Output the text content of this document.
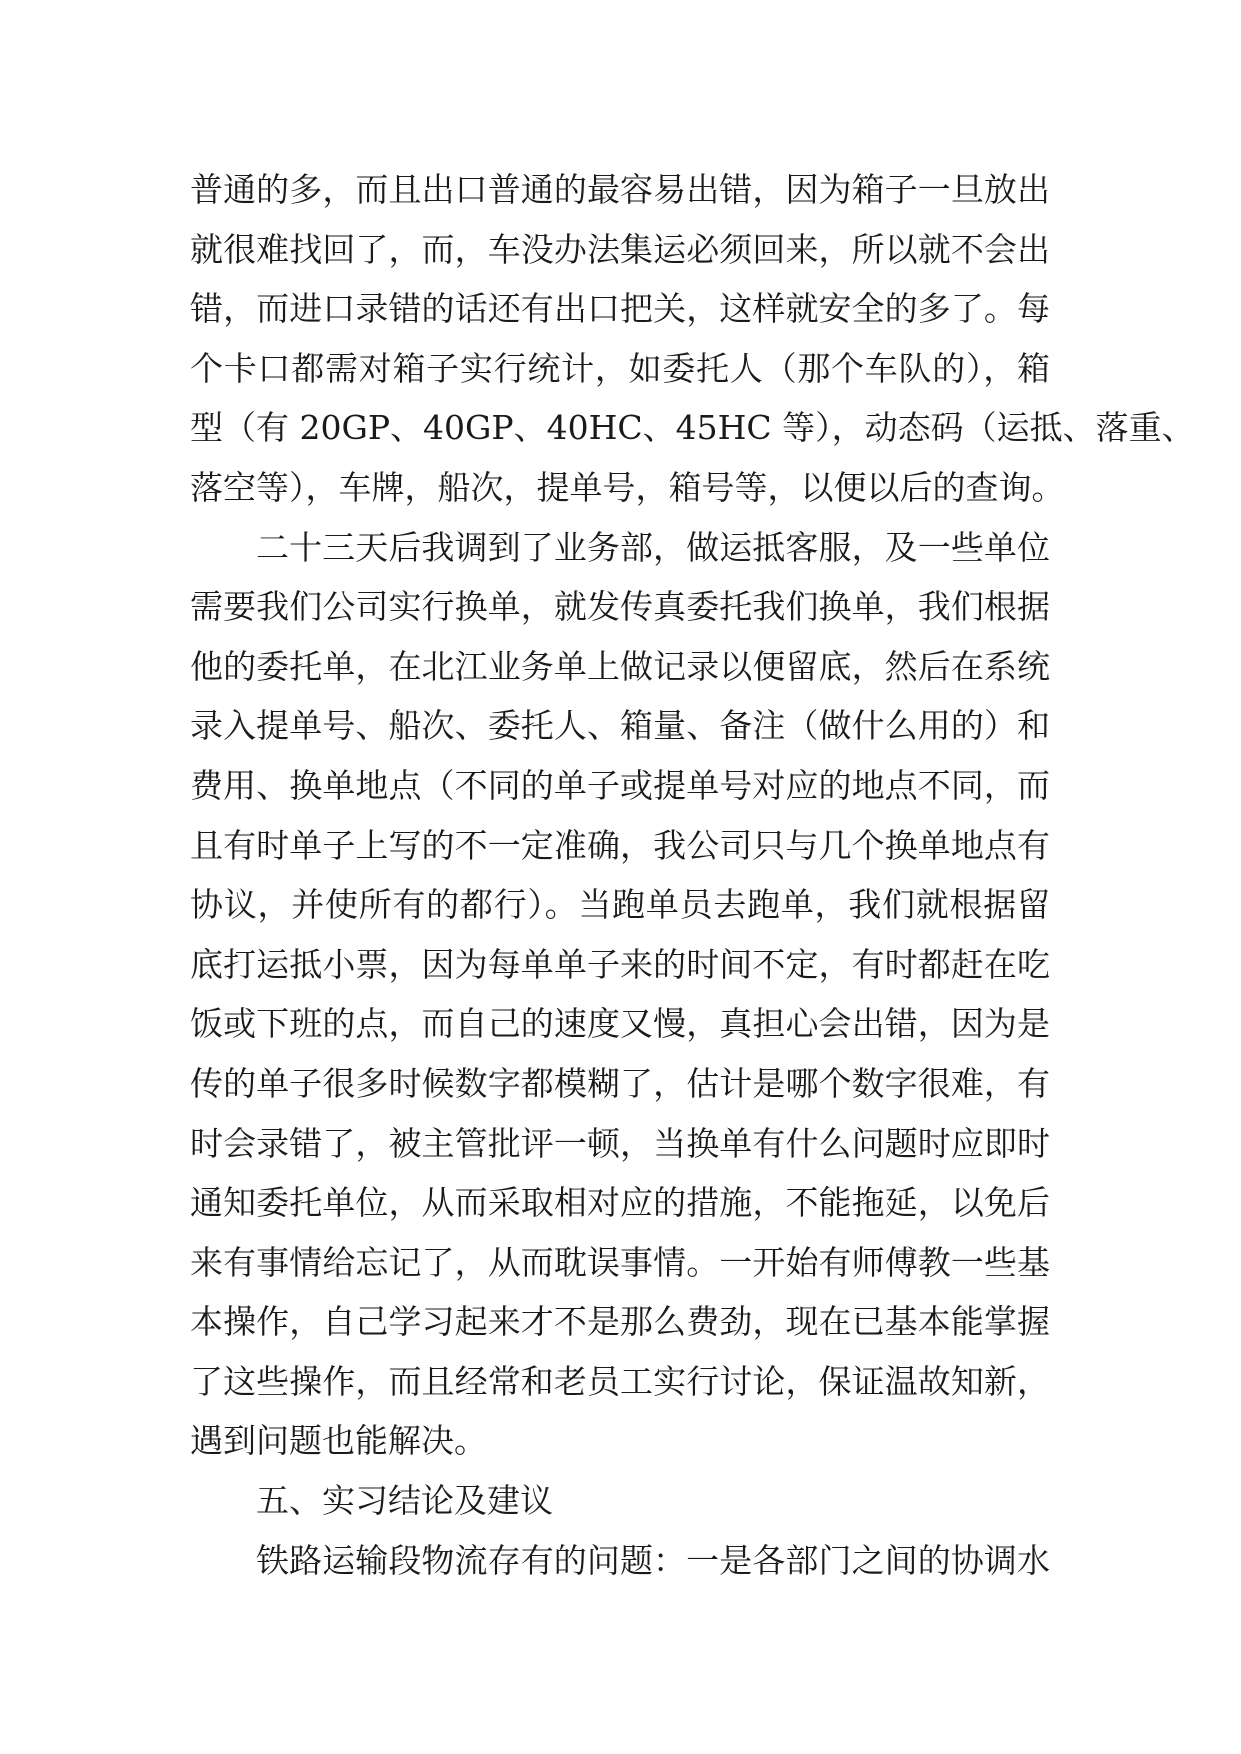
普通的多，而且出口普通的最容易出错，因为箱子一旦放出
就很难找回了，而，车没办法集运必须回来，所以就不会出
错，而进口录错的话还有出口把关，这样就安全的多了。每
个卡口都需对箱子实行统计，如委托人（那个车队的），箱
型（有 20GP、40GP、40HC、45HC 等），动态码（运抵、落重、
落空等），车牌，船次，提单号，箱号等，以便以后的查询。
二十三天后我调到了业务部，做运抵客服，及一些单位
需要我们公司实行换单，就发传真委托我们换单，我们根据
他的委托单，在北江业务单上做记录以便留底，然后在系统
录入提单号、船次、委托人、箱量、备注（做什么用的）和
费用、换单地点（不同的单子或提单号对应的地点不同，而
且有时单子上写的不一定准确，我公司只与几个换单地点有
协议，并使所有的都行）。当跑单员去跑单，我们就根据留
底打运抵小票，因为每单单子来的时间不定，有时都赶在吃
饭或下班的点，而自己的速度又慢，真担心会出错，因为是
传的单子很多时候数字都模糊了，估计是哪个数字很难，有
时会录错了，被主管批评一顿，当换单有什么问题时应即时
通知委托单位，从而采取相对应的措施，不能拖延，以免后
来有事情给忘记了，从而耽误事情。一开始有师傅教一些基
本操作，自己学习起来才不是那么费劲，现在已基本能掌握
了这些操作，而且经常和老员工实行讨论，保证温故知新，
遇到问题也能解决。
五、实习结论及建议
铁路运输段物流存有的问题：一是各部门之间的协调水
